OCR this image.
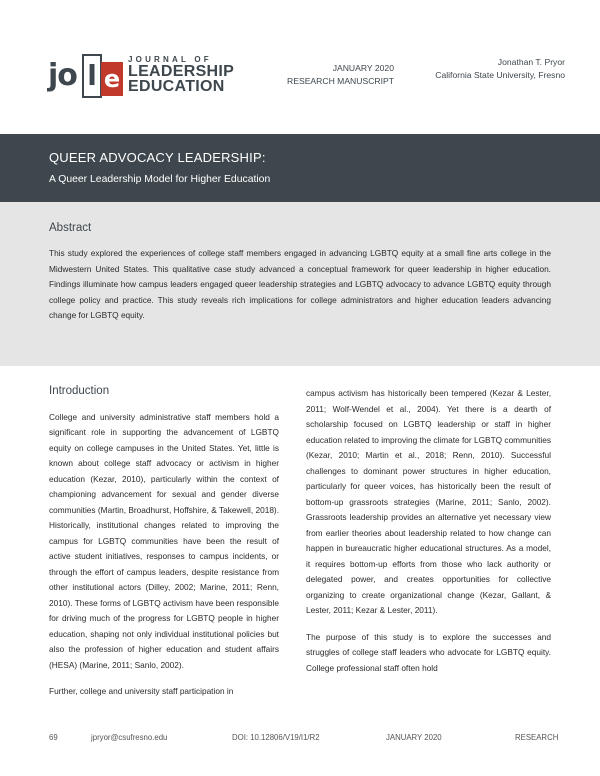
jo l e
JOURNAL OF
LEADERSHIP
EDUCATION
JANUARY 2020
RESEARCH MANUSCRIPT
Jonathan T. Pryor
California State University, Fresno
QUEER ADVOCACY LEADERSHIP:
A Queer Leadership Model for Higher Education
Abstract

This study explored the experiences of college staff members engaged in advancing LGBTQ equity at a small fine arts college in the Midwestern United States. This qualitative case study advanced a conceptual framework for queer leadership in higher education. Findings illuminate how campus leaders engaged queer leadership strategies and LGBTQ advocacy to advance LGBTQ equity through college policy and practice. This study reveals rich implications for college administrators and higher education leaders advancing change for LGBTQ equity.

Introduction

College and university administrative staff members hold a significant role in supporting the advancement of LGBTQ equity on college campuses in the United States. Yet, little is known about college staff advocacy or activism in higher education (Kezar, 2010), particularly within the context of championing advancement for sexual and gender diverse communities (Martin, Broadhurst, Hoffshire, & Takewell, 2018). Historically, institutional changes related to improving the campus for LGBTQ communities have been the result of active student initiatives, responses to campus incidents, or through the effort of campus leaders, despite resistance from other institutional actors (Dilley, 2002; Marine, 2011; Renn, 2010). These forms of LGBTQ activism have been responsible for driving much of the progress for LGBTQ people in higher education, shaping not only individual institutional policies but also the profession of higher education and student affairs (HESA) (Marine, 2011; Sanlo, 2002).

Further, college and university staff participation in

campus activism has historically been tempered (Kezar & Lester, 2011; Wolf-Wendel et al., 2004). Yet there is a dearth of scholarship focused on LGBTQ leadership or staff in higher education related to improving the climate for LGBTQ communities (Kezar, 2010; Martin et al., 2018; Renn, 2010). Successful challenges to dominant power structures in higher education, particularly for queer voices, has historically been the result of bottom-up grassroots strategies (Marine, 2011; Sanlo, 2002). Grassroots leadership provides an alternative yet necessary view from earlier theories about leadership related to how change can happen in bureaucratic higher educational structures. As a model, it requires bottom-up efforts from those who lack authority or delegated power, and creates opportunities for collective organizing to create organizational change (Kezar, Gallant, & Lester, 2011; Kezar & Lester, 2011).

The purpose of this study is to explore the successes and struggles of college staff leaders who advocate for LGBTQ equity. College professional staff often hold

69	jpryor@csufresno.edu	DOI: 10.12806/V19/I1/R2	JANUARY 2020	RESEARCH
